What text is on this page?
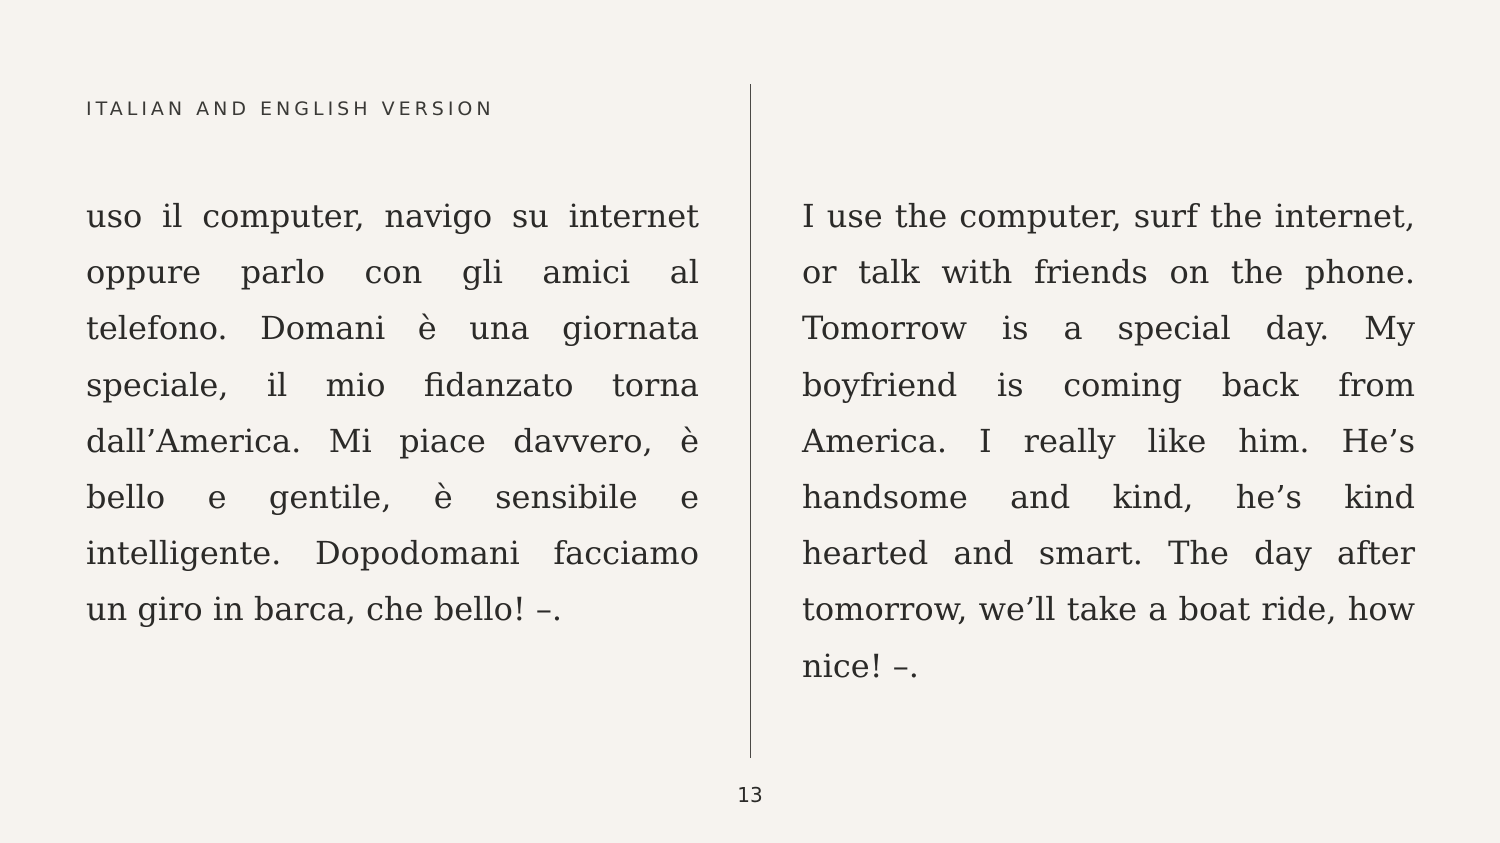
ITALIAN AND ENGLISH VERSION
uso il computer, navigo su internet oppure parlo con gli amici al telefono. Domani è una giornata speciale, il mio fidanzato torna dall’America. Mi piace davvero, è bello e gentile, è sensibile e intelligente. Dopodomani facciamo un giro in barca, che bello! –.
I use the computer, surf the internet, or talk with friends on the phone. Tomorrow is a special day. My boyfriend is coming back from America. I really like him. He’s handsome and kind, he’s kind hearted and smart. The day after tomorrow, we’ll take a boat ride, how nice! –.
13
